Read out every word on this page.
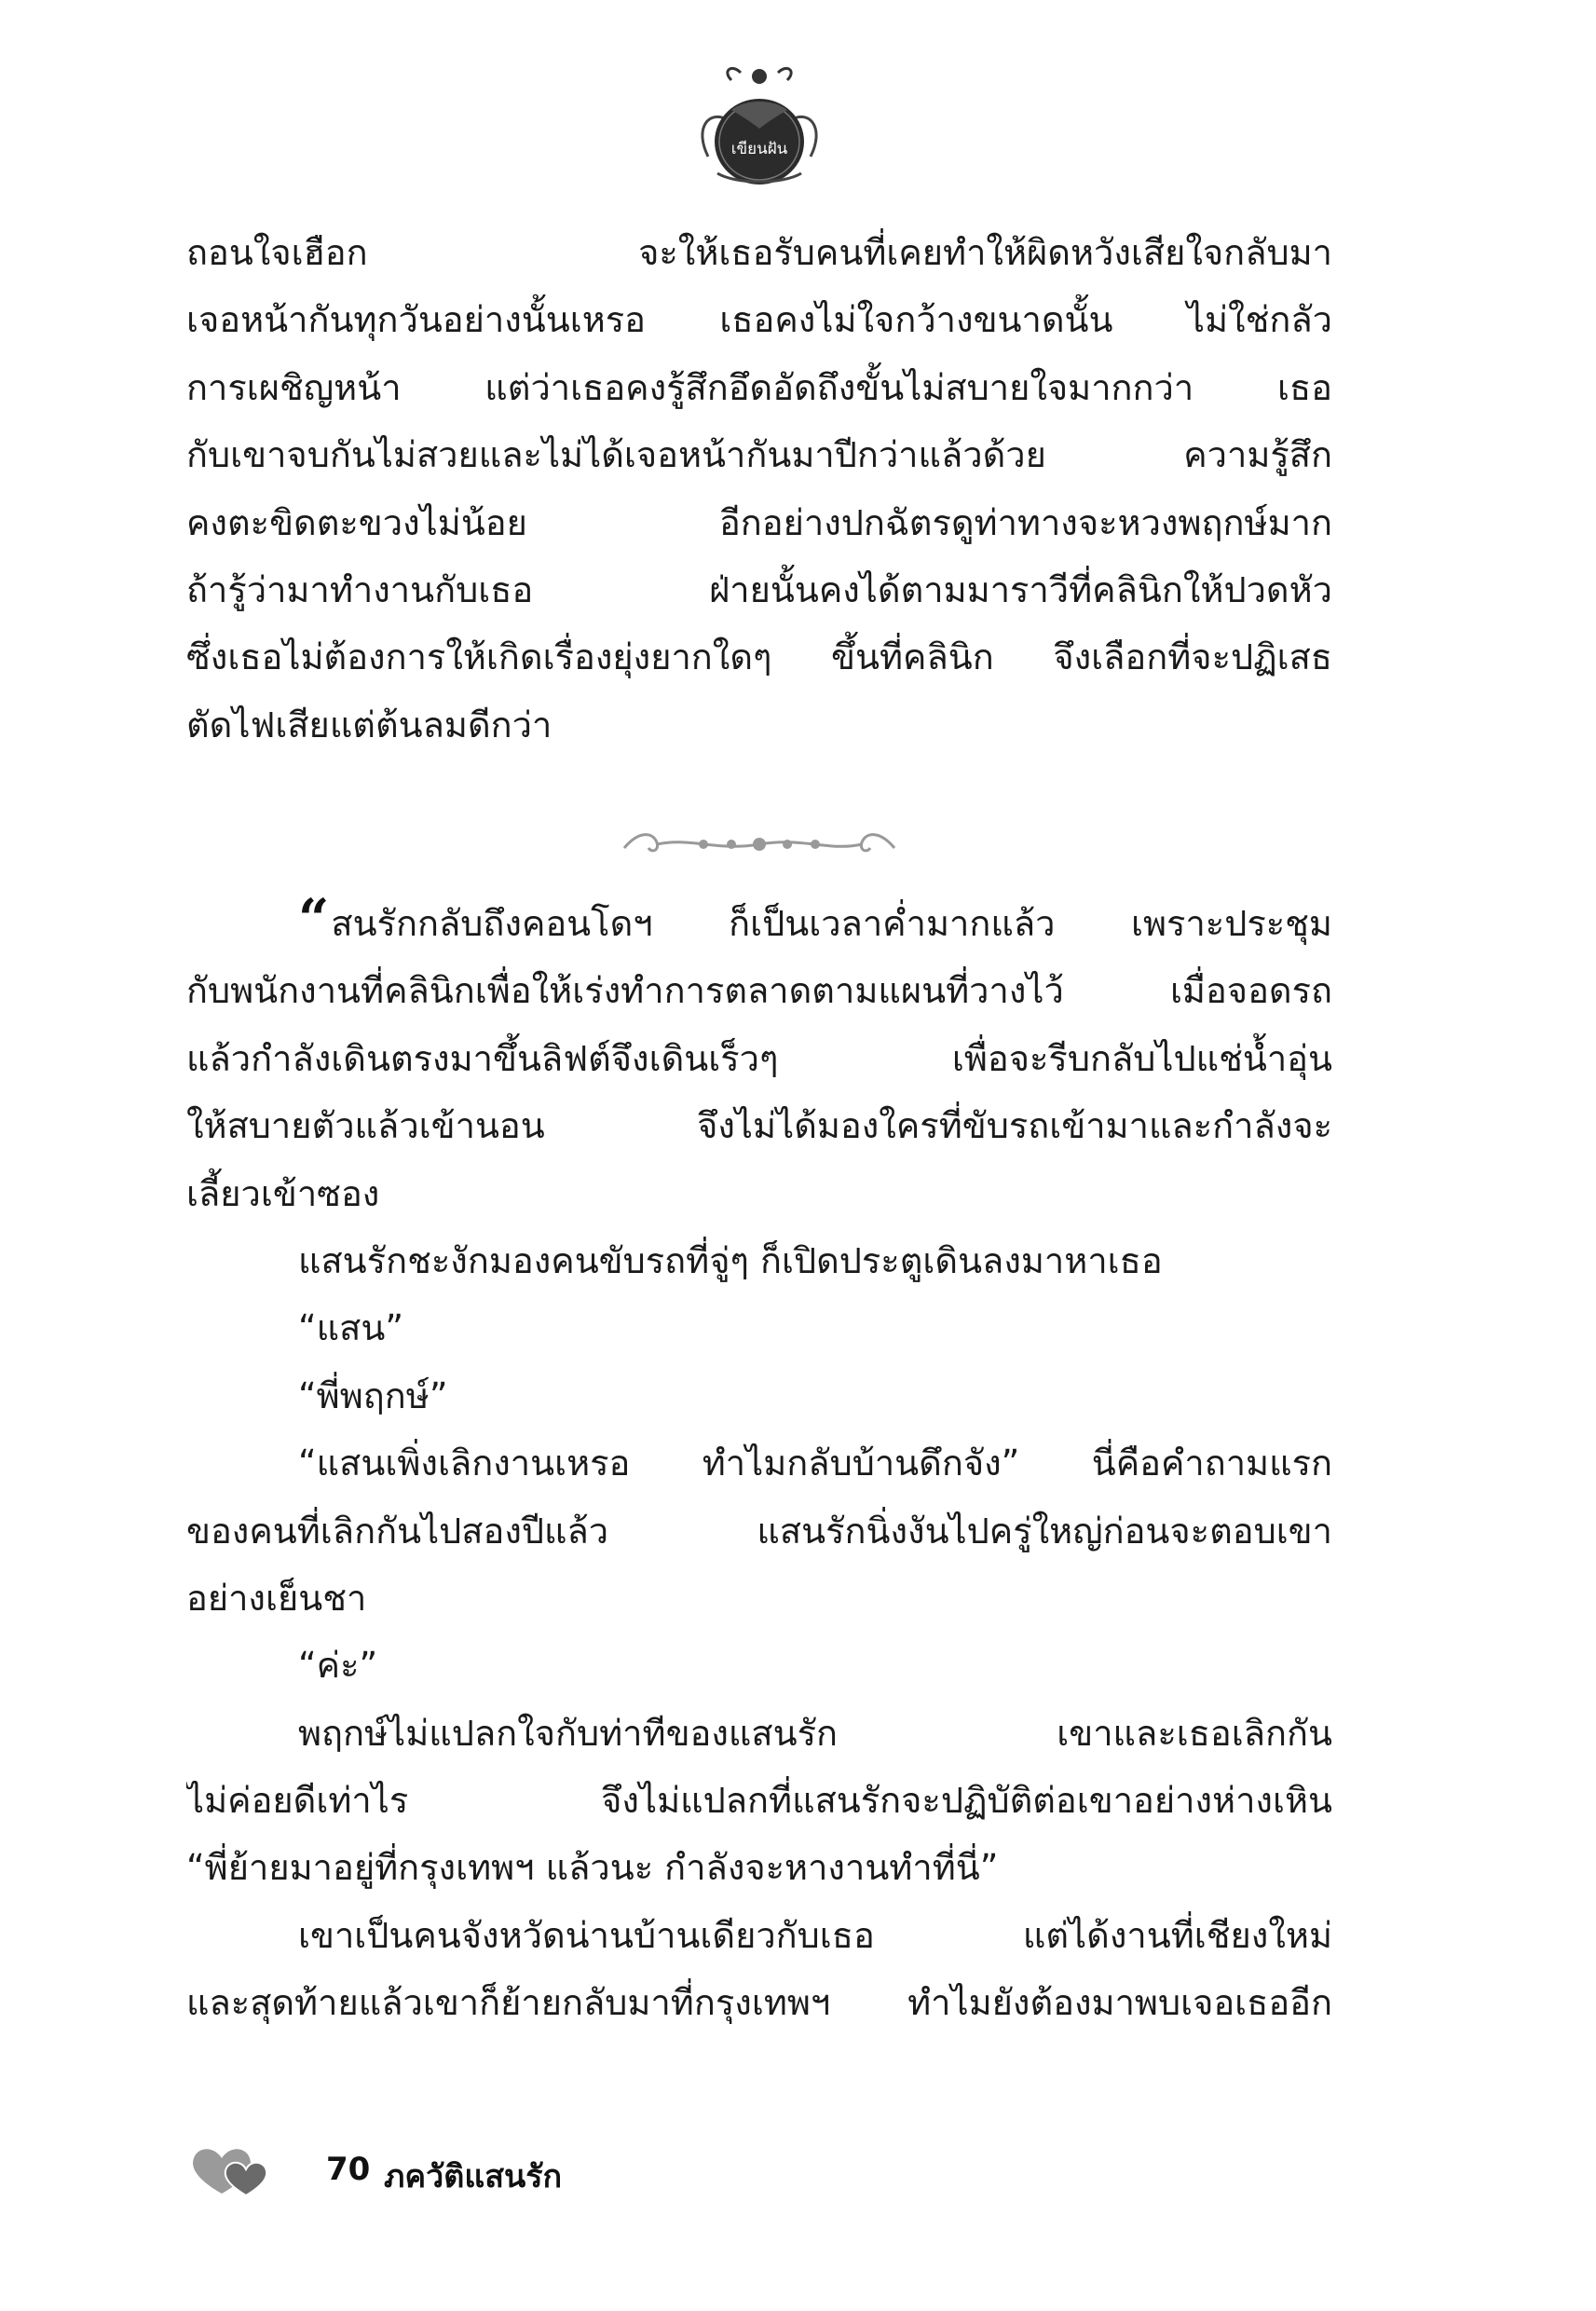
เขียนฝัน
ถอนใจเฮือก จะให้เธอรับคนที่เคยทำให้ผิดหวังเสียใจกลับมา
เจอหน้ากันทุกวันอย่างนั้นเหรอ เธอคงไม่ใจกว้างขนาดนั้น ไม่ใช่กลัว
การเผชิญหน้า แต่ว่าเธอคงรู้สึกอึดอัดถึงขั้นไม่สบายใจมากกว่า เธอ
กับเขาจบกันไม่สวยและไม่ได้เจอหน้ากันมาปีกว่าแล้วด้วย ความรู้สึก
คงตะขิดตะขวงไม่น้อย อีกอย่างปกฉัตรดูท่าทางจะหวงพฤกษ์มาก
ถ้ารู้ว่ามาทำงานกับเธอ ฝ่ายนั้นคงได้ตามมาราวีที่คลินิกให้ปวดหัว
ซึ่งเธอไม่ต้องการให้เกิดเรื่องยุ่งยากใดๆ ขึ้นที่คลินิก จึงเลือกที่จะปฏิเสธ
ตัดไฟเสียแต่ต้นลมดีกว่า
“สนรักกลับถึงคอนโดฯ ก็เป็นเวลาค่ำมากแล้ว เพราะประชุม
กับพนักงานที่คลินิกเพื่อให้เร่งทำการตลาดตามแผนที่วางไว้ เมื่อจอดรถ
แล้วกำลังเดินตรงมาขึ้นลิฟต์จึงเดินเร็วๆ เพื่อจะรีบกลับไปแช่น้ำอุ่น
ให้สบายตัวแล้วเข้านอน จึงไม่ได้มองใครที่ขับรถเข้ามาและกำลังจะ
เลี้ยวเข้าซอง
แสนรักชะงักมองคนขับรถที่จู่ๆ ก็เปิดประตูเดินลงมาหาเธอ
“แสน”
“พี่พฤกษ์”
“แสนเพิ่งเลิกงานเหรอ ทำไมกลับบ้านดึกจัง” นี่คือคำถามแรก
ของคนที่เลิกกันไปสองปีแล้ว แสนรักนิ่งงันไปครู่ใหญ่ก่อนจะตอบเขา
อย่างเย็นชา
“ค่ะ”
พฤกษ์ไม่แปลกใจกับท่าทีของแสนรัก เขาและเธอเลิกกัน
ไม่ค่อยดีเท่าไร จึงไม่แปลกที่แสนรักจะปฏิบัติต่อเขาอย่างห่างเหิน
“พี่ย้ายมาอยู่ที่กรุงเทพฯ แล้วนะ กำลังจะหางานทำที่นี่”
เขาเป็นคนจังหวัดน่านบ้านเดียวกับเธอ แต่ได้งานที่เชียงใหม่
และสุดท้ายแล้วเขาก็ย้ายกลับมาที่กรุงเทพฯ ทำไมยังต้องมาพบเจอเธออีก
70 ภควัติแสนรัก
